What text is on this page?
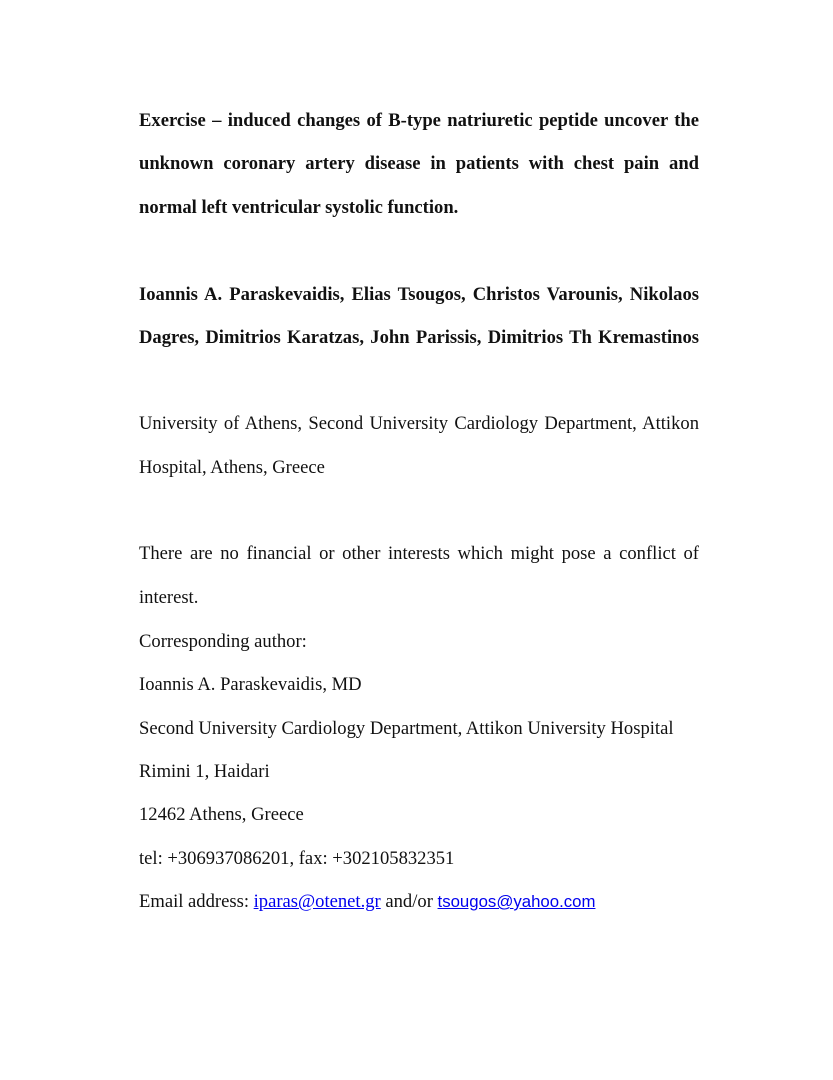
Exercise – induced changes of B-type natriuretic peptide uncover the
unknown coronary artery disease in patients with chest pain and
normal left ventricular systolic function.
Ioannis A. Paraskevaidis, Elias Tsougos, Christos Varounis, Nikolaos
Dagres, Dimitrios Karatzas, John Parissis, Dimitrios Th Kremastinos
University of Athens, Second University Cardiology Department, Attikon
Hospital, Athens, Greece
There are no financial or other interests which might pose a conflict of
interest.
Corresponding author:
Ioannis A. Paraskevaidis, MD
Second University Cardiology Department, Attikon University Hospital
Rimini 1, Haidari
12462 Athens, Greece
tel: +306937086201, fax: +302105832351
Email address: iparas@otenet.gr and/or tsougos@yahoo.com
